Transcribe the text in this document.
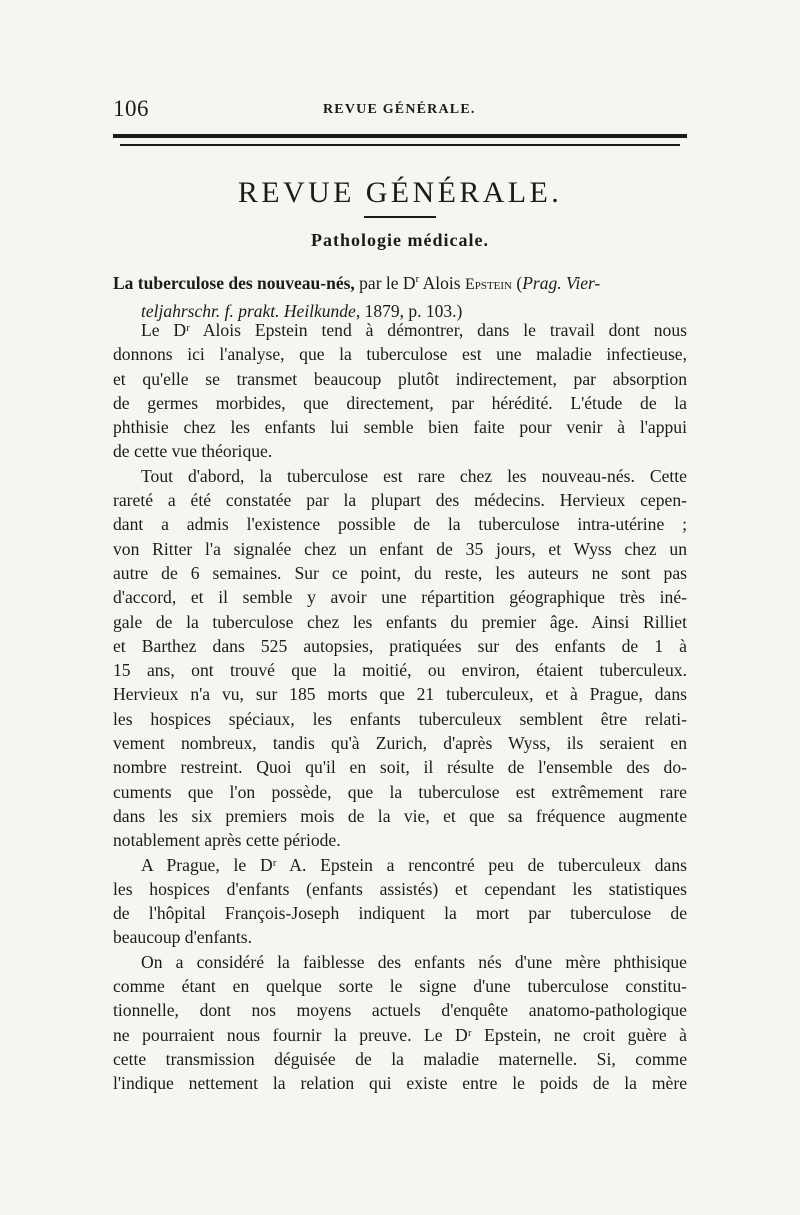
106	REVUE GÉNÉRALE.
REVUE GÉNÉRALE.
Pathologie médicale.
La tuberculose des nouveau-nés, par le $D^r$ Alois Epstein (Prag. Vier-
teljahrschr. f. prakt. Heilkunde, 1879, p. 103.)
Le Dʳ Alois Epstein tend à démontrer, dans le travail dont nous
donnons ici l'analyse, que la tuberculose est une maladie infectieuse,
et qu'elle se transmet beaucoup plutôt indirectement, par absorption
de germes morbides, que directement, par hérédité. L'étude de la
phthisie chez les enfants lui semble bien faite pour venir à l'appui
de cette vue théorique.
Tout d'abord, la tuberculose est rare chez les nouveau-nés. Cette
rareté a été constatée par la plupart des médecins. Hervieux cepen-
dant a admis l'existence possible de la tuberculose intra-utérine ;
von Ritter l'a signalée chez un enfant de 35 jours, et Wyss chez un
autre de 6 semaines. Sur ce point, du reste, les auteurs ne sont pas
d'accord, et il semble y avoir une répartition géographique très iné-
gale de la tuberculose chez les enfants du premier âge. Ainsi Rilliet
et Barthez dans 525 autopsies, pratiquées sur des enfants de 1 à
15 ans, ont trouvé que la moitié, ou environ, étaient tuberculeux.
Hervieux n'a vu, sur 185 morts que 21 tuberculeux, et à Prague, dans
les hospices spéciaux, les enfants tuberculeux semblent être relati-
vement nombreux, tandis qu'à Zurich, d'après Wyss, ils seraient en
nombre restreint. Quoi qu'il en soit, il résulte de l'ensemble des do-
cuments que l'on possède, que la tuberculose est extrêmement rare
dans les six premiers mois de la vie, et que sa fréquence augmente
notablement après cette période.
A Prague, le Dʳ A. Epstein a rencontré peu de tuberculeux dans
les hospices d'enfants (enfants assistés) et cependant les statistiques
de l'hôpital François-Joseph indiquent la mort par tuberculose de
beaucoup d'enfants.
On a considéré la faiblesse des enfants nés d'une mère phthisique
comme étant en quelque sorte le signe d'une tuberculose constitu-
tionnelle, dont nos moyens actuels d'enquête anatomo-pathologique
ne pourraient nous fournir la preuve. Le Dʳ Epstein, ne croit guère à
cette transmission déguisée de la maladie maternelle. Si, comme
l'indique nettement la relation qui existe entre le poids de la mère
